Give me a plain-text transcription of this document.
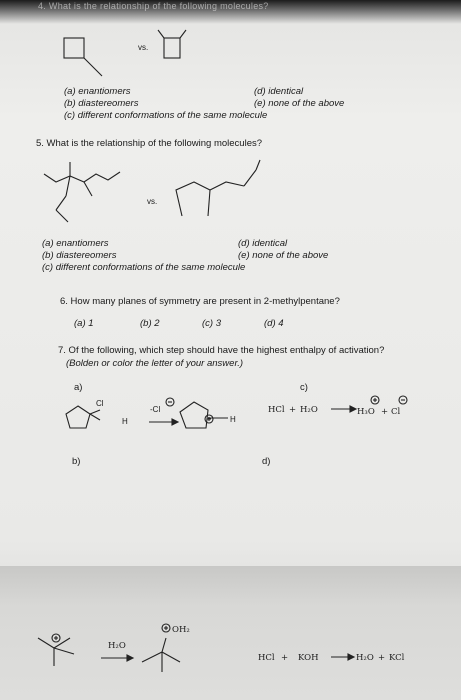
4. What is the relationship of the following molecules?
vs.
(a) enantiomers
(b) diastereomers
(c) different conformations of the same molecule
(d) identical
(e) none of the above
5. What is the relationship of the following molecules?
vs.
(a) enantiomers
(b) diastereomers
(c) different conformations of the same molecule
(d) identical
(e) none of the above
6. How many planes of symmetry are present in 2-methylpentane?
(a) 1	(b) 2	(c) 3	(d) 4
7. Of the following, which step should have the highest enthalpy of activation?
(Bolden or color the letter of your answer.)
a)	c)
Cl
H
-Cl
H
HCl + H₂O	H₃O + Cl
b)	d)
H₂O
OH₂
HCl + KOH	H₂O + KCl
